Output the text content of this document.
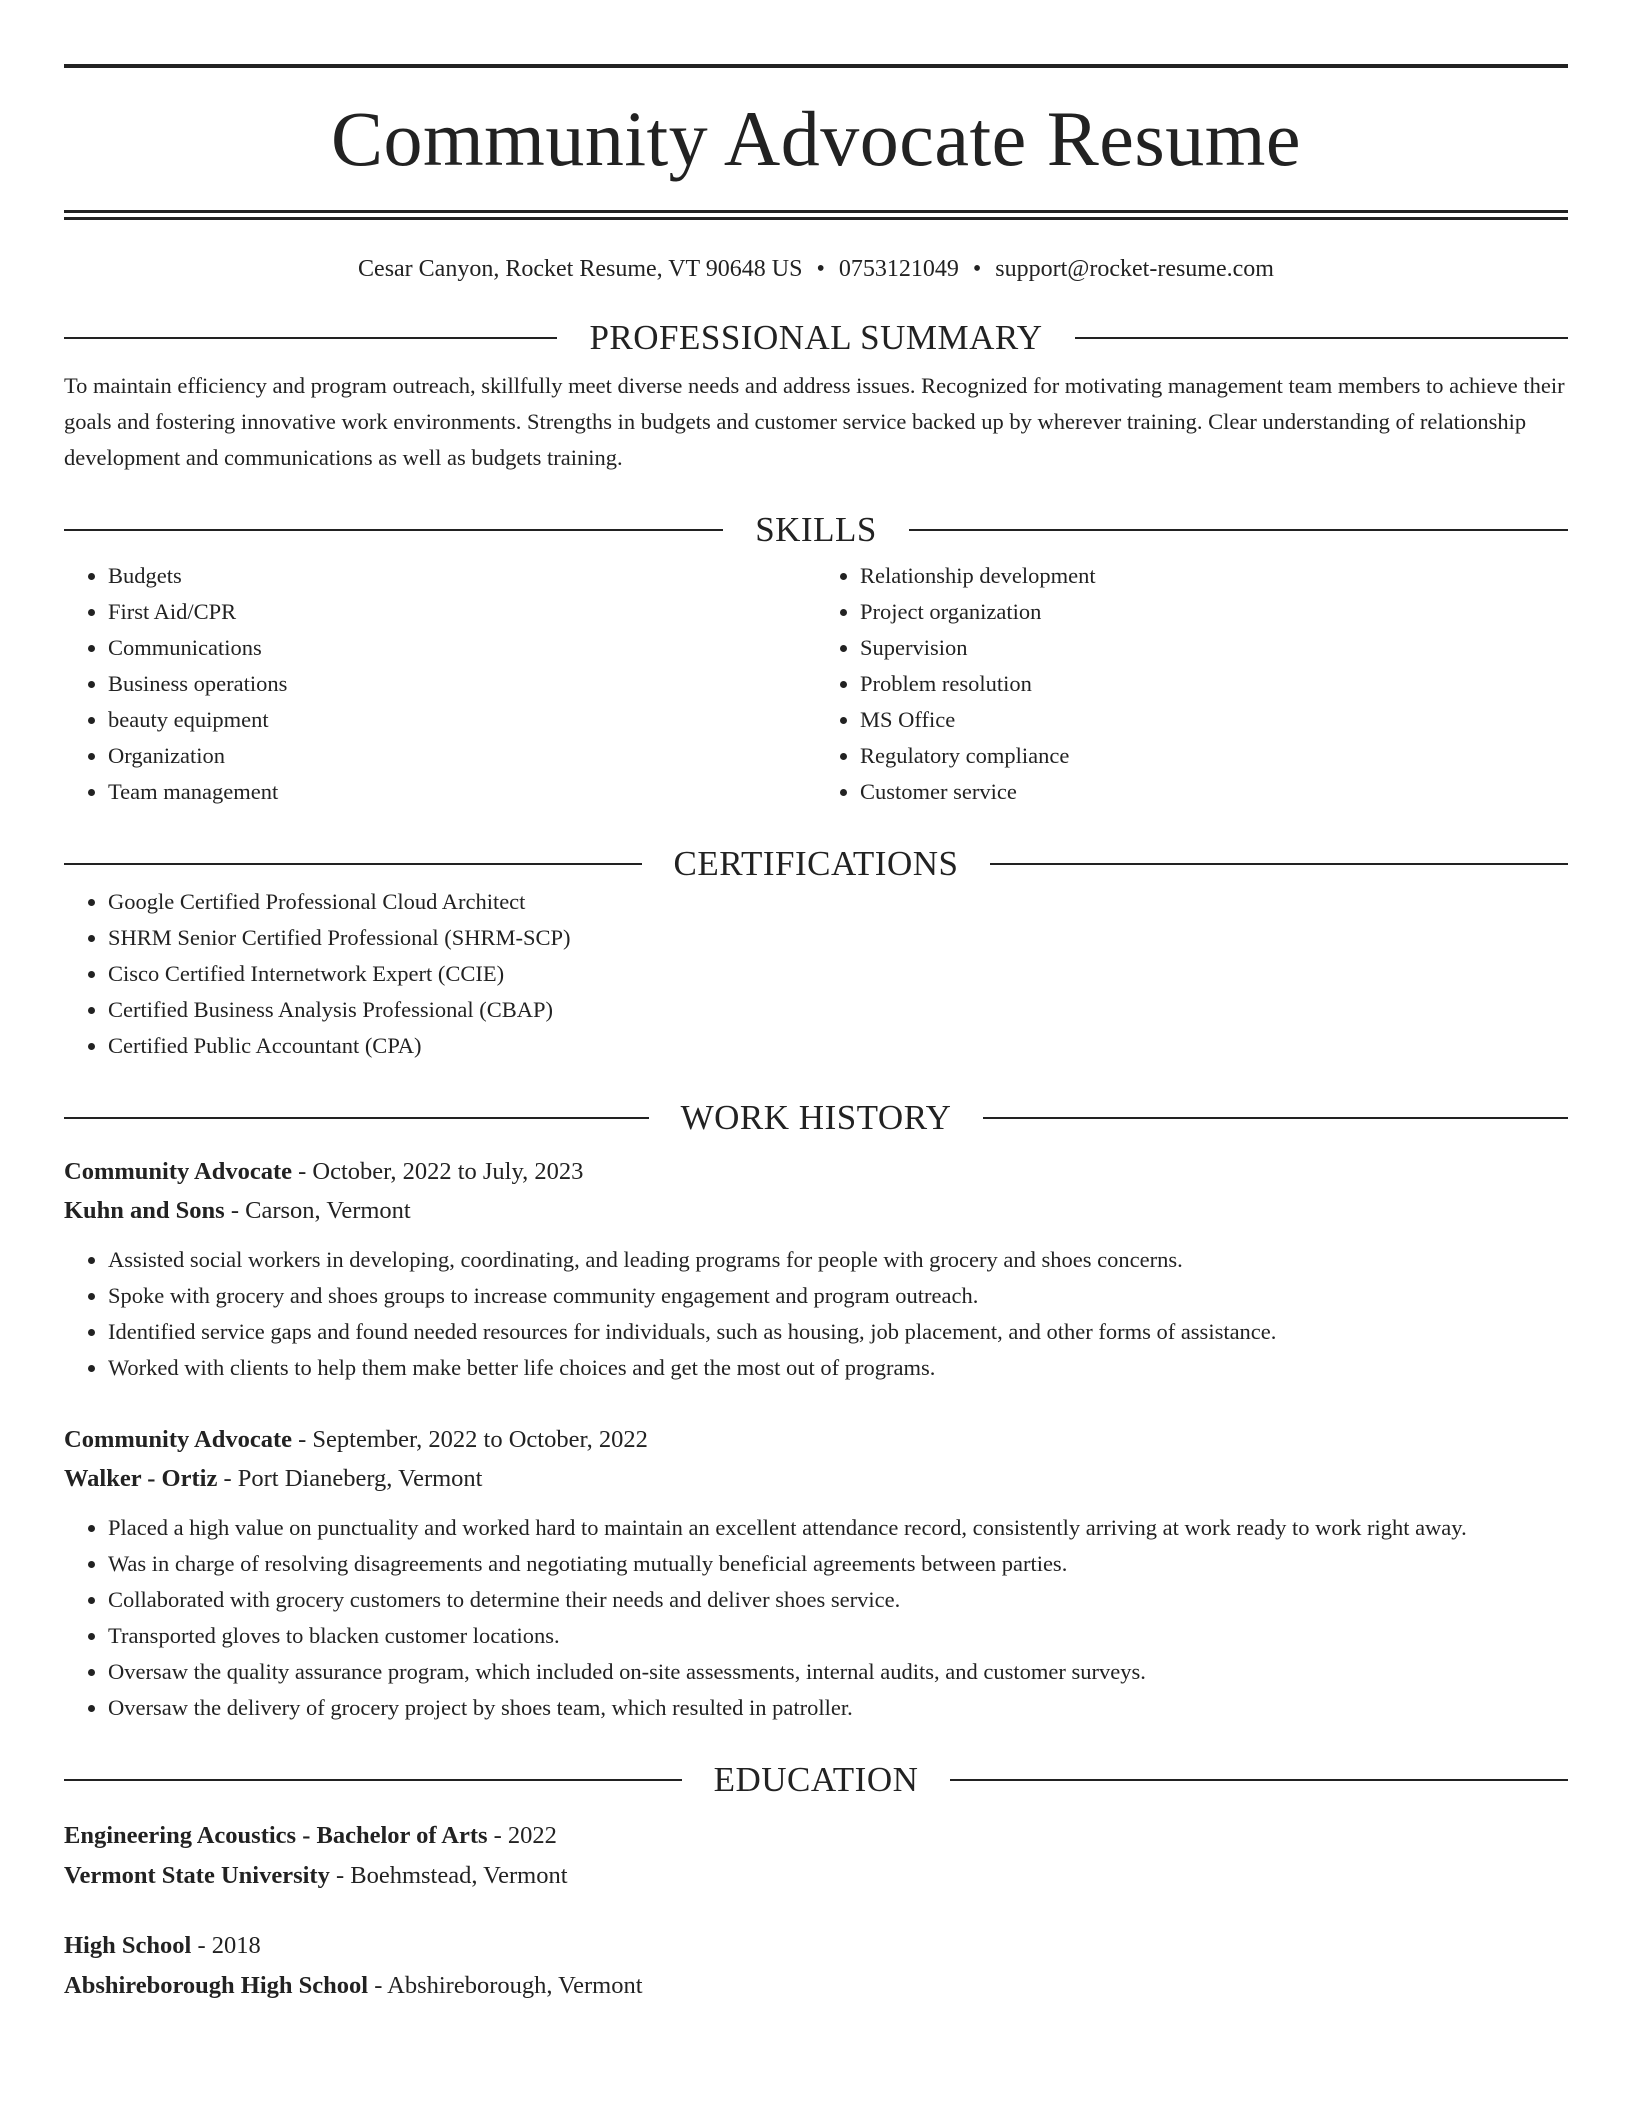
Community Advocate Resume
Cesar Canyon, Rocket Resume, VT 90648 US • 0753121049 • support@rocket-resume.com
PROFESSIONAL SUMMARY
To maintain efficiency and program outreach, skillfully meet diverse needs and address issues. Recognized for motivating management team members to achieve their goals and fostering innovative work environments. Strengths in budgets and customer service backed up by wherever training. Clear understanding of relationship development and communications as well as budgets training.
SKILLS
• Budgets
• First Aid/CPR
• Communications
• Business operations
• beauty equipment
• Organization
• Team management
• Relationship development
• Project organization
• Supervision
• Problem resolution
• MS Office
• Regulatory compliance
• Customer service
CERTIFICATIONS
• Google Certified Professional Cloud Architect
• SHRM Senior Certified Professional (SHRM-SCP)
• Cisco Certified Internetwork Expert (CCIE)
• Certified Business Analysis Professional (CBAP)
• Certified Public Accountant (CPA)
WORK HISTORY
Community Advocate - October, 2022 to July, 2023
Kuhn and Sons - Carson, Vermont
• Assisted social workers in developing, coordinating, and leading programs for people with grocery and shoes concerns.
• Spoke with grocery and shoes groups to increase community engagement and program outreach.
• Identified service gaps and found needed resources for individuals, such as housing, job placement, and other forms of assistance.
• Worked with clients to help them make better life choices and get the most out of programs.
Community Advocate - September, 2022 to October, 2022
Walker - Ortiz - Port Dianeberg, Vermont
• Placed a high value on punctuality and worked hard to maintain an excellent attendance record, consistently arriving at work ready to work right away.
• Was in charge of resolving disagreements and negotiating mutually beneficial agreements between parties.
• Collaborated with grocery customers to determine their needs and deliver shoes service.
• Transported gloves to blacken customer locations.
• Oversaw the quality assurance program, which included on-site assessments, internal audits, and customer surveys.
• Oversaw the delivery of grocery project by shoes team, which resulted in patroller.
EDUCATION
Engineering Acoustics - Bachelor of Arts - 2022
Vermont State University - Boehmstead, Vermont
High School - 2018
Abshireborough High School - Abshireborough, Vermont
